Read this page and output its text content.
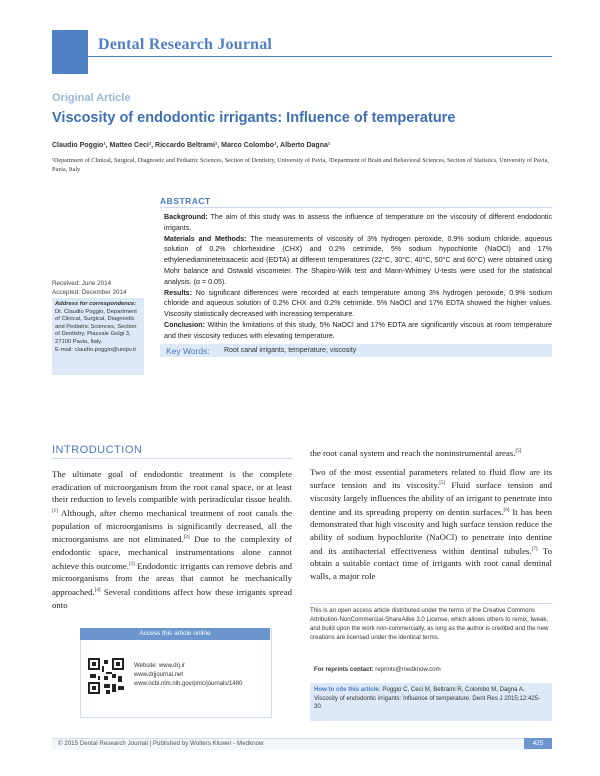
Dental Research Journal
Original Article
Viscosity of endodontic irrigants: Influence of temperature
Claudio Poggio¹, Matteo Ceci¹, Riccardo Beltrami¹, Marco Colombo¹, Alberto Dagna¹
¹Department of Clinical, Surgical, Diagnostic and Pediatric Sciences, Section of Dentistry, University of Pavia, ²Department of Brain and Behavioral Sciences, Section of Statistics, University of Pavia, Pavia, Italy
ABSTRACT

Background: The aim of this study was to assess the influence of temperature on the viscosity of different endodontic irrigants.

Materials and Methods: The measurements of viscosity of 3% hydrogen peroxide, 0.9% sodium chloride, aqueous solution of 0.2% chlorhexidine (CHX) and 0.2% cetrimide, 5% sodium hypochlorite (NaOCl) and 17% ethylenediaminetetraacetic acid (EDTA) at different temperatures (22°C, 30°C, 40°C, 50°C and 60°C) were obtained using Mohr balance and Ostwald viscometer. The Shapiro-Wilk test and Mann-Whitney U-tests were used for the statistical analysis. (α = 0.05).

Results: No significant differences were recorded at each temperature among 3% hydrogen peroxide, 0.9% sodium chloride and aqueous solution of 0.2% CHX and 0.2% cetrimide. 5% NaOCl and 17% EDTA showed the higher values. Viscosity statistically decreased with increasing temperature.

Conclusion: Within the limitations of this study, 5% NaOCl and 17% EDTA are significantly viscous at room temperature and their viscosity reduces with elevating temperature.

Received: June 2014
Accepted: December 2014
Address for correspondence:
Dr. Claudio Poggio, Department of Clinical, Surgical, Diagnostic and Pediatric Sciences, Section of Dentistry, Piazzale Golgi 3, 27100 Pavia, Italy.
E-mail: claudio.poggio@unipv.it	Key Words: Root canal irrigants, temperature, viscosity
INTRODUCTION

The ultimate goal of endodontic treatment is the complete eradication of microorganism from the root canal space, or at least their reduction to levels compatible with periradicular tissue health.[1] Although, after chemo mechanical treatment of root canals the population of microorganisms is significantly decreased, all the microorganisms are not eliminated.[2] Due to the complexity of endodontic space, mechanical instrumentations alone cannot achieve this outcome.[3] Endodontic irrigants can remove debris and microorganisms from the areas that cannot be mechanically approached.[4] Several conditions affect how these irrigants spread onto

the root canal system and reach the noninstrumental areas.[5]

Two of the most essential parameters related to fluid flow are its surface tension and its viscosity.[5] Fluid surface tension and viscosity largely influences the ability of an irrigant to penetrate into dentine and its spreading property on dentin surfaces.[6] It has been demonstrated that high viscosity and high surface tension reduce the ability of sodium hypochlorite (NaOCl) to penetrate into dentine and its antibacterial effectiveness within dentinal tubules.[7] To obtain a suitable contact time of irrigants with root canal dentinal walls, a major role

Access this article online
Website: www.drj.ir
www.drjjournal.net
www.ncbi.nlm.nih.gov/pmc/journals/1480
This is an open access article distributed under the terms of the Creative Commons Attribution-NonCommercial-ShareAlike 3.0 License, which allows others to remix, tweak, and build upon the work non-commercially, as long as the author is credited and the new creations are licensed under the identical terms.
For reprints contact: reprints@medknow.com
How to cite this article: Poggio C, Ceci M, Beltrami R, Colombo M, Dagna A. Viscosity of endodontic irrigants: Influence of temperature. Dent Res J 2015;12:425-30.
© 2015 Dental Research Journal | Published by Wolters Kluwer - Medknow	425
